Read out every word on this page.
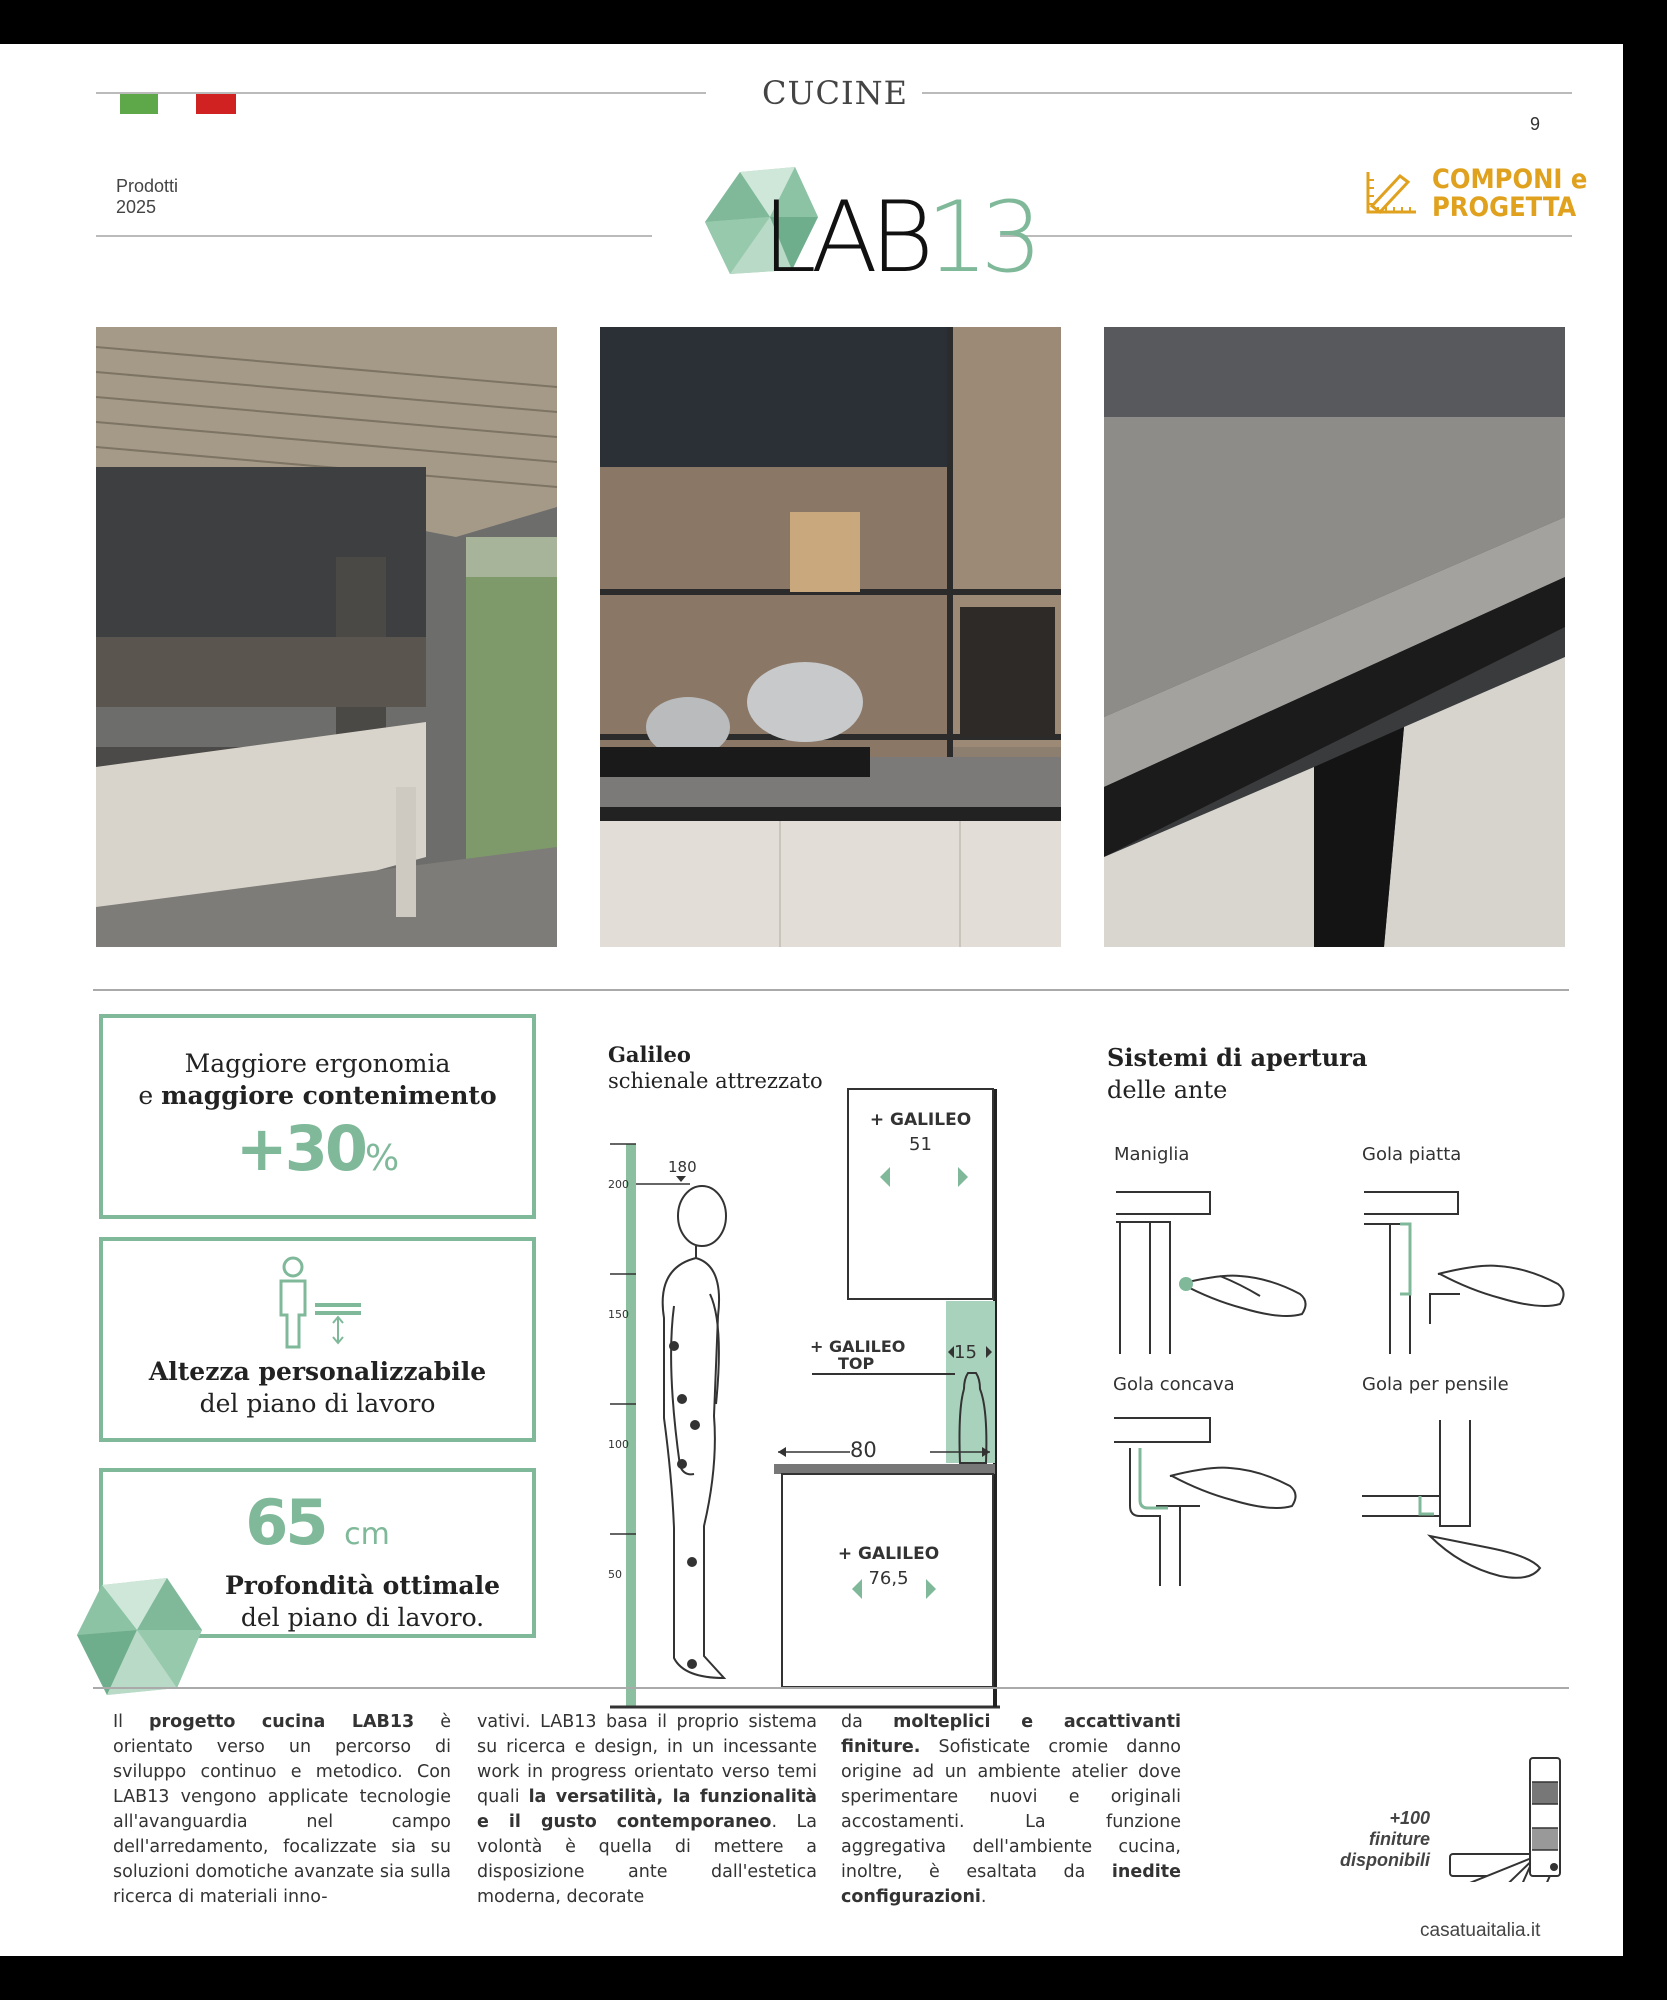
CUCINE
9
Prodotti
2025	LAB13
COMPONI e
PROGETTA
Maggiore ergonomia
e maggiore contenimento
+30%
Altezza personalizzabile
del piano di lavoro
65 cm
Profondità ottimale
del piano di lavoro.
Galileo
schienale attrezzato
200
150
100
50
180
+ GALILEO
51
15
+ GALILEO
TOP
80
+ GALILEO
76,5
Sistemi di apertura
delle ante
Maniglia	Gola piatta
Gola concava	Gola per pensile
Il progetto cucina LAB13 è orientato verso un percorso di sviluppo continuo e metodico. Con LAB13 vengono applicate tecnologie all'avanguardia nel campo dell'arredamento, focalizzate sia su soluzioni domotiche avanzate sia sulla ricerca di materiali inno-
vativi. LAB13 basa il proprio sistema su ricerca e design, in un incessante work in progress orientato verso temi quali la versatilità, la funzionalità e il gusto contemporaneo. La volontà è quella di mettere a disposizione ante dall'estetica moderna, decorate
da molteplici e accattivanti finiture. Sofisticate cromie danno origine ad un ambiente atelier dove sperimentare nuovi e originali accostamenti. La funzione aggregativa dell'ambiente cucina, inoltre, è esaltata da inedite configurazioni.
+100
finiture
disponibili
casatuaitalia.it
